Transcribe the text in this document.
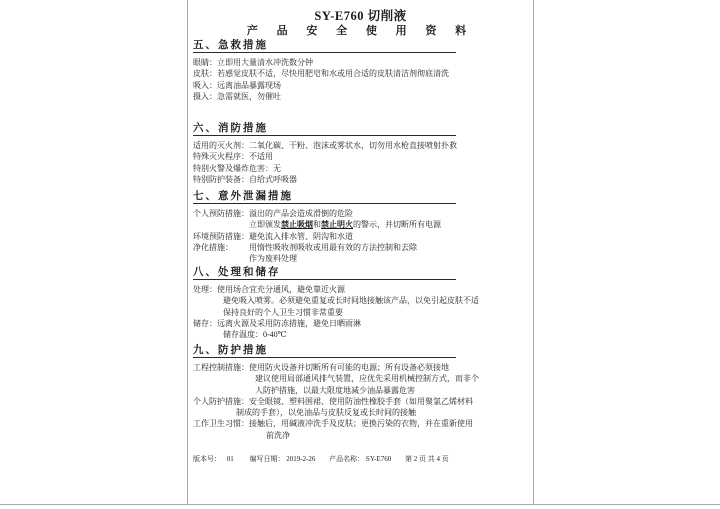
SY-E760 切削液
产 品 安 全 使 用 资 料
五、急救措施
眼睛： 立即用大量清水冲洗数分钟
皮肤： 若感觉皮肤不适，尽快用肥皂和水或用合适的皮肤清洁剂彻底清洗
吸入： 远离油品暴露现场
摄入： 急需就医，勿催吐
六、消防措施
适用的灭火剂： 二氧化碳、干粉、泡沫或雾状水，切勿用水枪直接喷射扑救
特殊灭火程序： 不适用
特别火警及爆炸危害： 无
特别防护装备： 自给式呼吸器
七、意外泄漏措施
个人预防措施： 溢出的产品会造成滑倒的危险
立即颁发禁止吸烟和禁止明火的警示，并切断所有电源
环境预防措施： 避免流入排水管、阴沟和水道
净化措施：	用惰性吸收剂吸收或用最有效的方法控制和去除
作为废料处理
八、处理和储存
处理： 使用场合宜充分通风，避免靠近火源
避免吸入喷雾。必须避免重复或长时间地接触该产品，以免引起皮肤不适
保持良好的个人卫生习惯非常重要
储存： 远离火源及采用防冻措施，避免日晒雨淋
储存温度：0-40℃
九、防护措施
工程控制措施： 使用防火设备并切断所有可能的电源；所有设备必须接地
建议使用局部通风排气装置，应优先采用机械控制方式，而非个
人防护措施，以最大限度地减少油品暴露危害
个人防护措施： 安全眼镜、塑料围裙、使用防油性橡胶手套（如用聚氯乙烯材料
制成的手套），以免油品与皮肤反复或长时间的接触
工作卫生习惯： 接触后，用碱液冲洗手及皮肤；更换污染的衣物，并在重新使用
前洗净
版本号： 01 编写日期： 2019-2-26 产品名称： SY-E760 第 2 页 共 4 页
